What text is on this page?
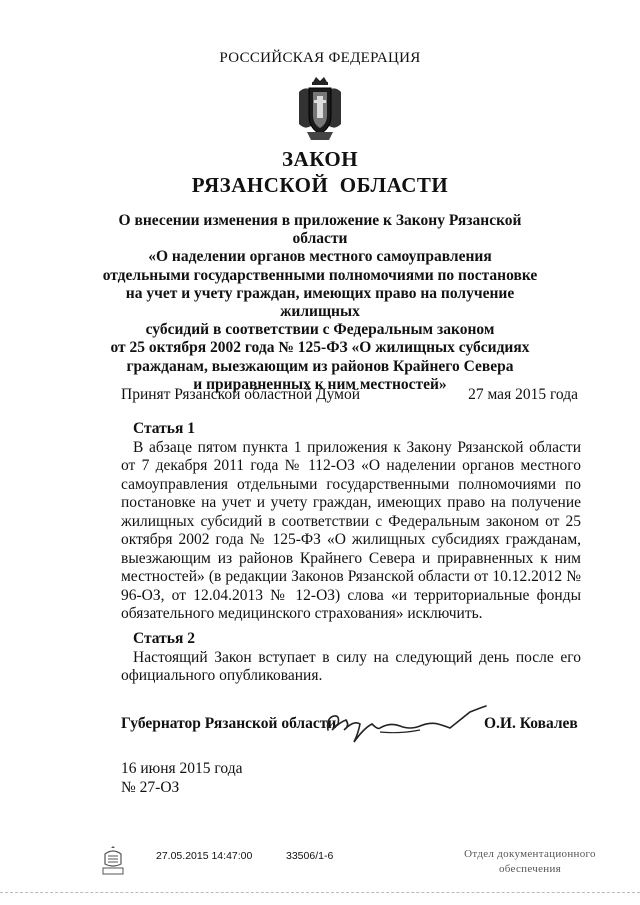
РОССИЙСКАЯ ФЕДЕРАЦИЯ
ЗАКОН
РЯЗАНСКОЙ  ОБЛАСТИ
О внесении изменения в приложение к Закону Рязанской области
«О наделении органов местного самоуправления
отдельными государственными полномочиями по постановке
на учет и учету граждан, имеющих право на получение жилищных
субсидий в соответствии с Федеральным законом
от 25 октября 2002 года № 125-ФЗ «О жилищных субсидиях
гражданам, выезжающим из районов Крайнего Севера
и приравненных к ним местностей»
Принят Рязанской областной Думой	27 мая 2015 года
Статья 1
В абзаце пятом пункта 1 приложения к Закону Рязанской области от 7 декабря 2011 года № 112-ОЗ «О наделении органов местного самоуправления отдельными государственными полномочиями по постановке на учет и учету граждан, имеющих право на получение жилищных субсидий в соответствии с Федеральным законом от 25 октября 2002 года № 125-ФЗ «О жилищных субсидиях гражданам, выезжающим из районов Крайнего Севера и приравненных к ним местностей» (в редакции Законов Рязанской области от 10.12.2012 № 96-ОЗ, от 12.04.2013 № 12-ОЗ) слова «и территориальные фонды обязательного медицинского страхования» исключить.
Статья 2
Настоящий Закон вступает в силу на следующий день после его официального опубликования.
Губернатор Рязанской области	О.И. Ковалев
16 июня 2015 года
№ 27-ОЗ
27.05.2015 14:47:00	33506/1-6	Отдел документационного
обеспечения
